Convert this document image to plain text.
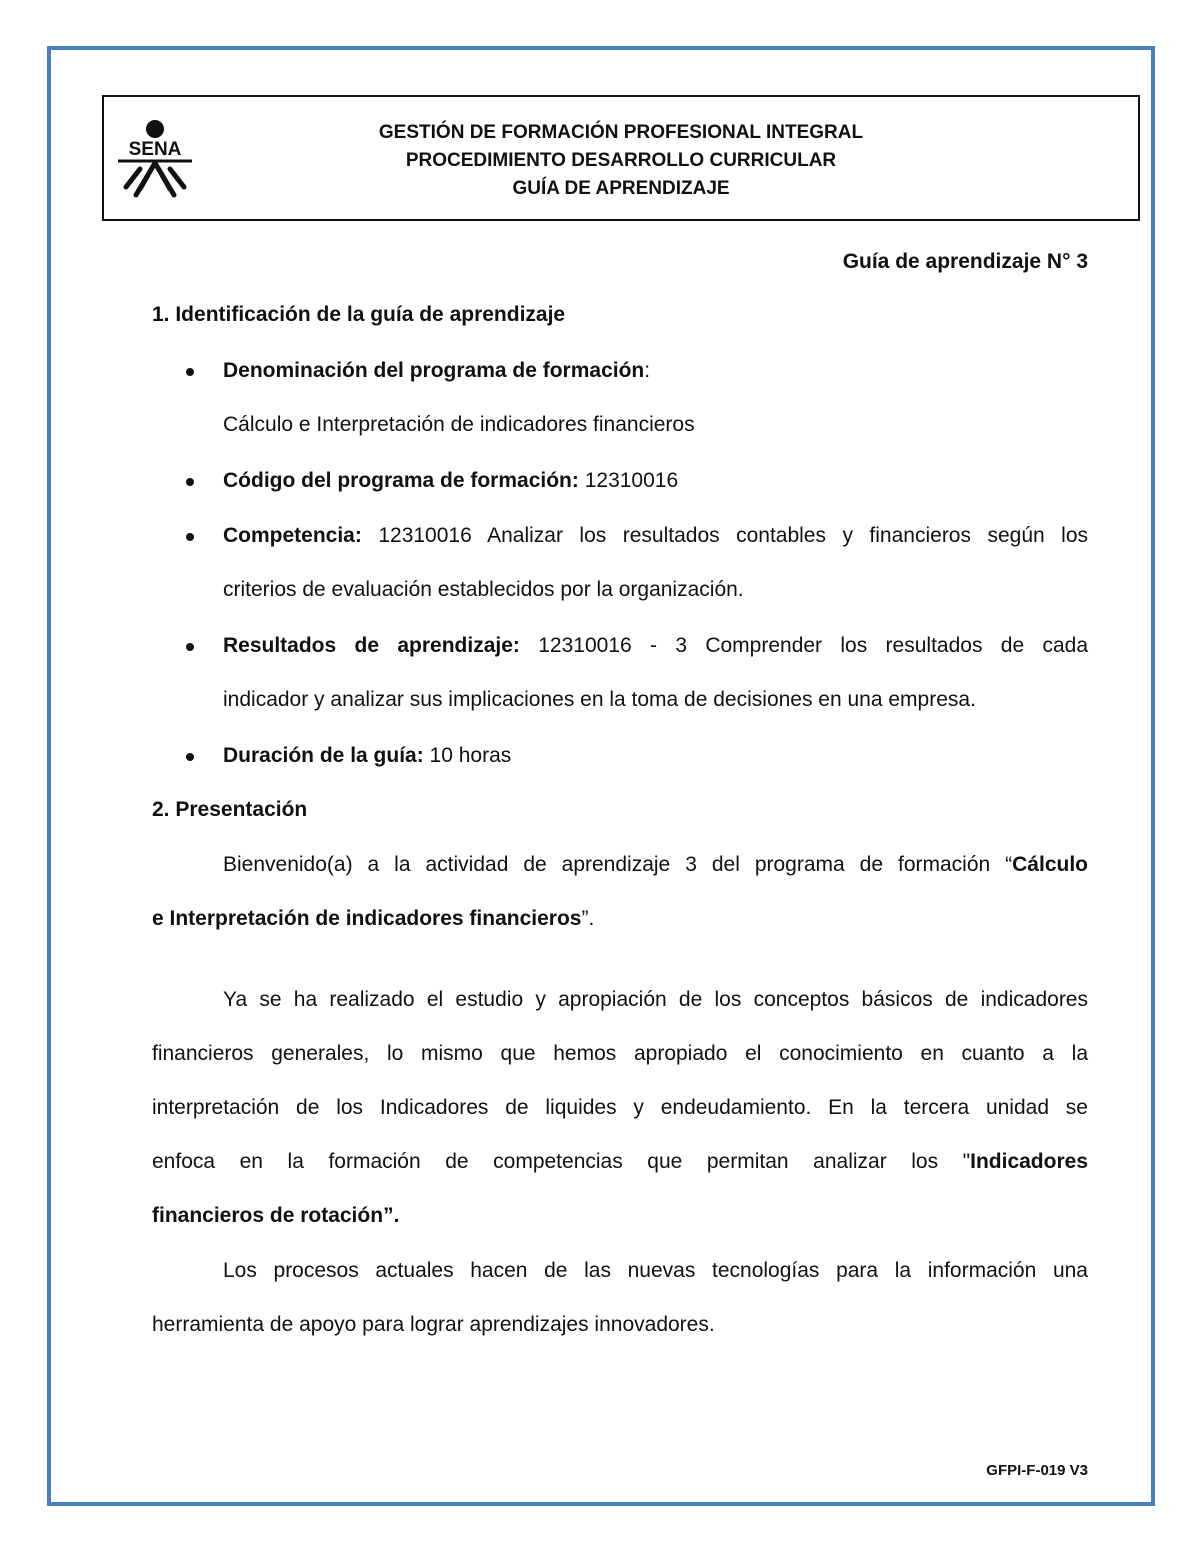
SENA
GESTIÓN DE FORMACIÓN PROFESIONAL INTEGRAL
PROCEDIMIENTO DESARROLLO CURRICULAR
GUÍA DE APRENDIZAJE
Guía de aprendizaje N° 3
1. Identificación de la guía de aprendizaje
Denominación del programa de formación:
Cálculo e Interpretación de indicadores financieros
Código del programa de formación: 12310016
Competencia: 12310016 Analizar los resultados contables y financieros según los
criterios de evaluación establecidos por la organización.
Resultados de aprendizaje: 12310016 - 3 Comprender los resultados de cada
indicador y analizar sus implicaciones en la toma de decisiones en una empresa.
Duración de la guía: 10 horas
2. Presentación
Bienvenido(a) a la actividad de aprendizaje 3 del programa de formación “Cálculo
e Interpretación de indicadores financieros”.
Ya se ha realizado el estudio y apropiación de los conceptos básicos de indicadores
financieros generales, lo mismo que hemos apropiado el conocimiento en cuanto a la
interpretación de los Indicadores de liquides y endeudamiento. En la tercera unidad se
enfoca en la formación de competencias que permitan analizar los "Indicadores
financieros de rotación”.
Los procesos actuales hacen de las nuevas tecnologías para la información una
herramienta de apoyo para lograr aprendizajes innovadores.
GFPI-F-019 V3
